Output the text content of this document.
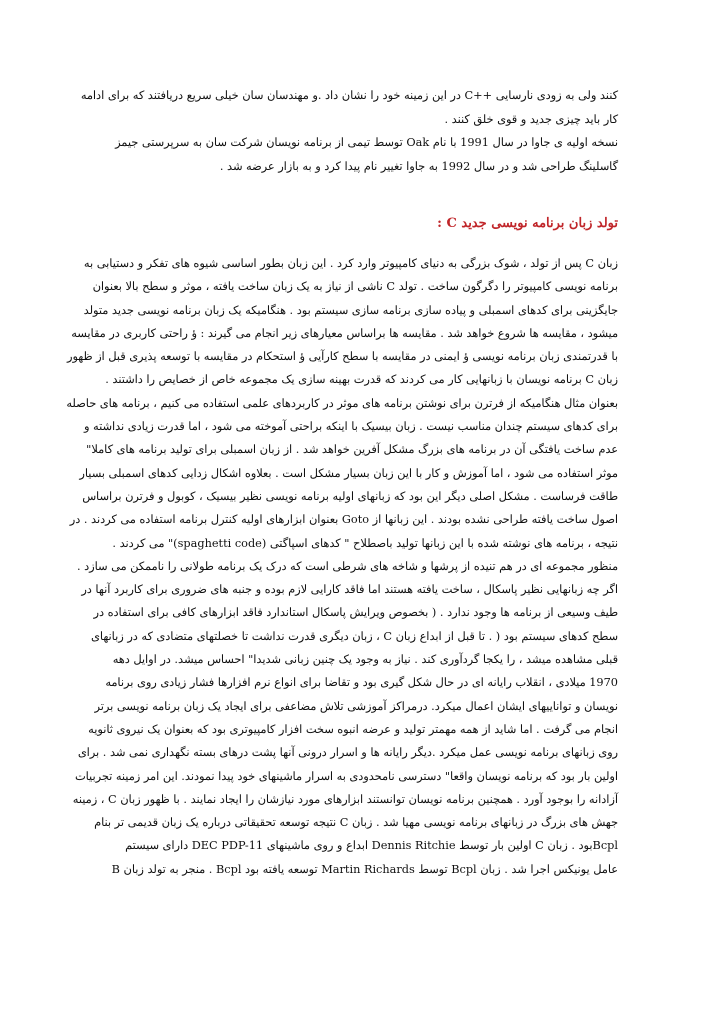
کنند ولی به زودی نارسایی ++C در این زمینه خود را نشان داد .و مهندسان سان خیلی سریع دریافتند که برای ادامه
کار باید چیزی جدید و قوی خلق کنند .
نسخه اولیه ی جاوا در سال 1991 با نام Oak توسط تیمی از برنامه نویسان شرکت سان به سرپرستی جیمز
گاسلینگ طراحی شد و در سال 1992 به جاوا تغییر نام پیدا کرد و به بازار عرضه شد .
تولد زبان برنامه نویسی جدید C :
زبان C پس از تولد ، شوک بزرگی به دنیای کامپیوتر وارد کرد . این زبان بطور اساسی شیوه های تفکر و دستیابی به
برنامه نویسی کامپیوتر را دگرگون ساخت . تولد C ناشی از نیاز به یک زبان ساخت یافته ، موثر و سطح بالا بعنوان
جایگزینی برای کدهای اسمبلی و پیاده سازی برنامه سازی سیستم بود . هنگامیکه یک زبان برنامه نویسی جدید متولد
میشود ، مقایسه ها شروع خواهد شد . مقایسه ها براساس معیارهای زیر انجام می گیرند : ؤ راحتی کاربری در مقایسه
با قدرتمندی زبان برنامه نویسی ؤ ایمنی در مقایسه با سطح کارآیی ؤ استحکام در مقایسه با توسعه پذیری قبل از ظهور
زبان C برنامه نویسان با زبانهایی کار می کردند که قدرت بهینه سازی یک مجموعه خاص از خصایص را داشتند .
بعنوان مثال هنگامیکه از فرترن برای نوشتن برنامه های موثر در کاربردهای علمی استفاده می کنیم ، برنامه های حاصله
برای کدهای سیستم چندان مناسب نیست . زبان بیسیک با اینکه براحتی آموخته می شود ، اما قدرت زیادی نداشته و
عدم ساخت یافتگی آن در برنامه های بزرگ مشکل آفرین خواهد شد . از زبان اسمبلی برای تولید برنامه های کاملا"
موثر استفاده می شود ، اما آموزش و کار با این زبان بسیار مشکل است . بعلاوه اشکال زدایی کدهای اسمبلی بسیار
طاقت فرساست . مشکل اصلی دیگر این بود که زبانهای اولیه برنامه نویسی نظیر بیسیک ، کوبول و فرترن براساس
اصول ساخت یافته طراحی نشده بودند . این زبانها از Goto بعنوان ابزارهای اولیه کنترل برنامه استفاده می کردند . در
نتیجه ، برنامه های نوشته شده با این زبانها تولید باصطلاح " کدهای اسپاگتی (spaghetti code)" می کردند .
منظور مجموعه ای در هم تنیده از پرشها و شاخه های شرطی است که درک یک برنامه طولانی را ناممکن می سازد .
اگر چه زبانهایی نظیر پاسکال ، ساخت یافته هستند اما فاقد کارایی لازم بوده و جنبه های ضروری برای کاربرد آنها در
طیف وسیعی از برنامه ها وجود ندارد . ( بخصوص ویرایش پاسکال استاندارد فاقد ابزارهای کافی برای استفاده در
سطح کدهای سیستم بود ( . تا قبل از ابداع زبان C ، زبان دیگری قدرت نداشت تا خصلتهای متضادی که در زبانهای
قبلی مشاهده میشد ، را یکجا گردآوری کند . نیاز به وجود یک چنین زبانی شدیدا" احساس میشد. در اوایل دهه
1970 میلادی ، انقلاب رایانه ای در حال شکل گیری بود و تقاضا برای انواع نرم افزارها فشار زیادی روی برنامه
نویسان و تواناییهای ایشان اعمال میکرد. درمراکز آموزشی تلاش مضاعفی برای ایجاد یک زبان برنامه نویسی برتر
انجام می گرفت . اما شاید از همه مهمتر تولید و عرضه انبوه سخت افزار کامپیوتری بود که بعنوان یک نیروی ثانویه
روی زبانهای برنامه نویسی عمل میکرد .دیگر رایانه ها و اسرار درونی آنها پشت درهای بسته نگهداری نمی شد . برای
اولین بار بود که برنامه نویسان واقعا" دسترسی نامحدودی به اسرار ماشینهای خود پیدا نمودند. این امر زمینه تجربیات
آزادانه را بوجود آورد . همچنین برنامه نویسان توانستند ابزارهای مورد نیازشان را ایجاد نمایند . با ظهور زبان C ، زمینه
جهش های بزرگ در زبانهای برنامه نویسی مهیا شد . زبان C نتیجه توسعه تحقیقاتی درباره یک زبان قدیمی تر بنام
Bcplبود . زبان C اولین بار توسط Dennis Ritchie ابداع و روی ماشینهای DEC PDP-11 دارای سیستم
عامل یونیکس اجرا شد . زبان Bcpl توسط Martin Richards توسعه یافته بود Bcpl . منجر به تولد زبان B
